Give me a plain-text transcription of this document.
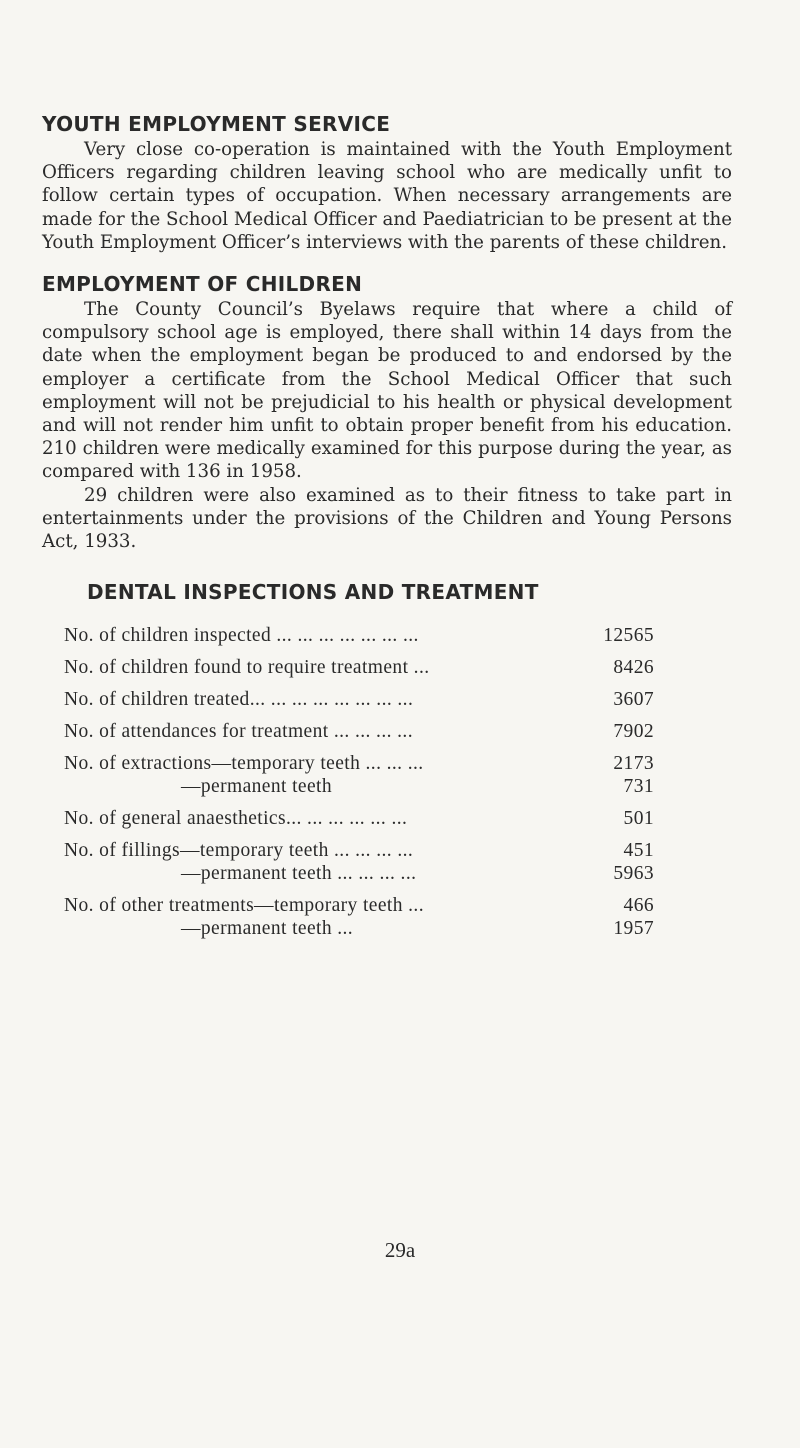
YOUTH EMPLOYMENT SERVICE

Very close co-operation is maintained with the Youth Employment Officers regarding children leaving school who are medically unfit to follow certain types of occupation. When necessary arrangements are made for the School Medical Officer and Paediatrician to be present at the Youth Employment Officer’s interviews with the parents of these children.

EMPLOYMENT OF CHILDREN

The County Council’s Byelaws require that where a child of compulsory school age is employed, there shall within 14 days from the date when the employment began be produced to and endorsed by the employer a certificate from the School Medical Officer that such employment will not be prejudicial to his health or physical development and will not render him unfit to obtain proper benefit from his education. 210 children were medically examined for this purpose during the year, as compared with 136 in 1958.

29 children were also examined as to their fitness to take part in entertainments under the provisions of the Children and Young Persons Act, 1933.

DENTAL INSPECTIONS AND TREATMENT
No. of children inspected ... ... ... ... ... ... ...	12565
No. of children found to require treatment ...	8426
No. of children treated... ... ... ... ... ... ... ...	3607
No. of attendances for treatment ... ... ... ...	7902
No. of extractions—temporary teeth ... ... ...	2173
—permanent teeth	731
No. of general anaesthetics... ... ... ... ... ...	501
No. of fillings—temporary teeth ... ... ... ...	451
—permanent teeth ... ... ... ...	5963
No. of other treatments—temporary teeth ...	466
—permanent teeth ...	1957
29a
